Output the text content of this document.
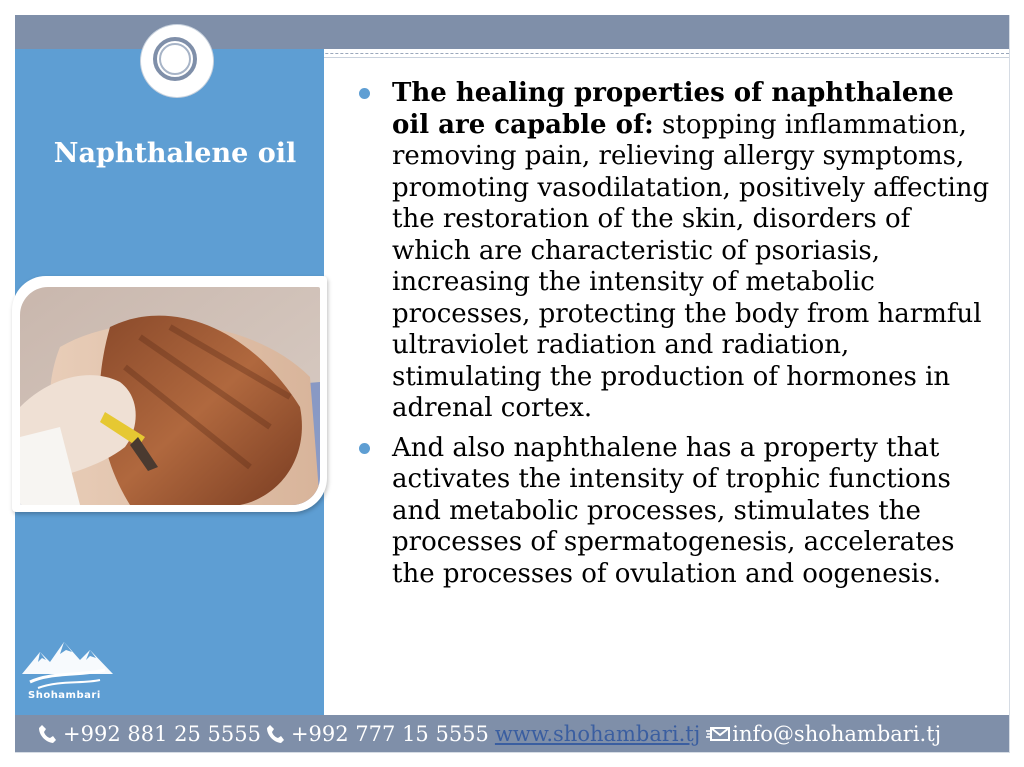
Naphthalene oil
Shohambari
The healing properties of naphthalene oil are capable of: stopping inflammation, removing pain, relieving allergy symptoms, promoting vasodilatation, positively affecting the restoration of the skin, disorders of which are characteristic of psoriasis, increasing the intensity of metabolic processes, protecting the body from harmful ultraviolet radiation and radiation, stimulating the production of hormones in adrenal cortex.
And also naphthalene has a property that activates the intensity of trophic functions and metabolic processes, stimulates the processes of spermatogenesis, accelerates the processes of ovulation and oogenesis.
+992 881 25 5555 +992 777 15 5555 www.shohambari.tj info@shohambari.tj
